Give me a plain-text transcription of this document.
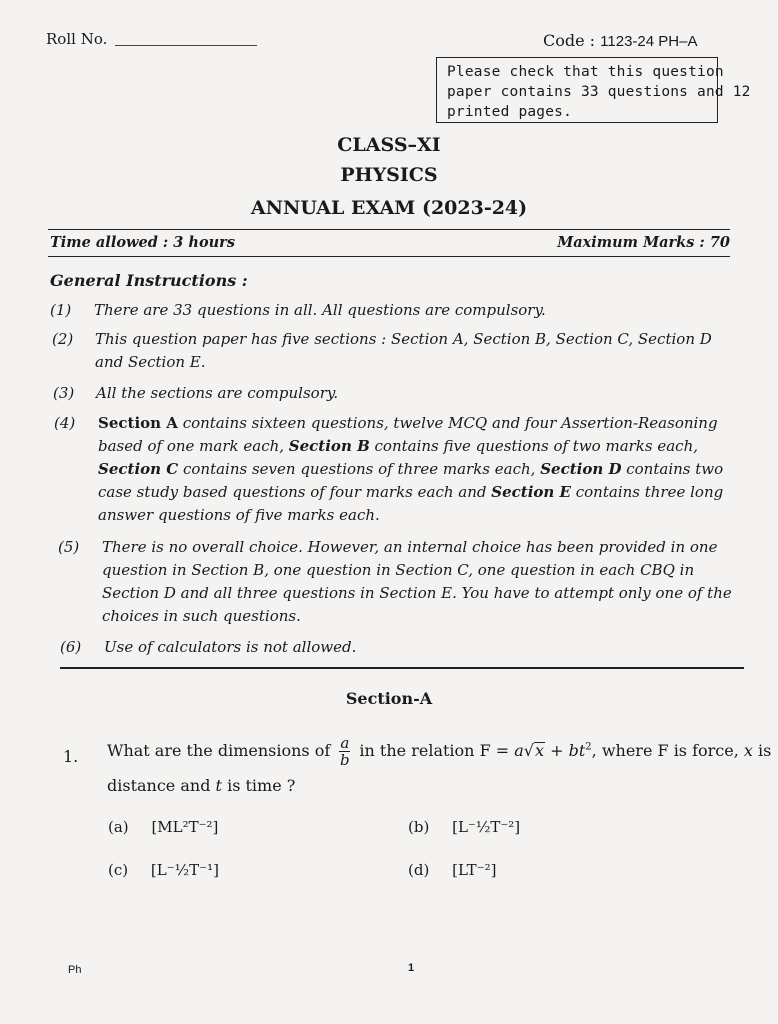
Roll No.	Code : 1123-24 PH–A
Please check that this question
paper contains 33 questions and 12
printed pages.
CLASS–XI
PHYSICS
ANNUAL EXAM (2023-24)
Time allowed : 3 hours	Maximum Marks : 70
General Instructions :
(1) There are 33 questions in all. All questions are compulsory.
(2) This question paper has five sections : Section A, Section B, Section C, Section D and Section E.
(3) All the sections are compulsory.
(4) Section A contains sixteen questions, twelve MCQ and four Assertion-Reasoning based of one mark each, Section B contains five questions of two marks each, Section C contains seven questions of three marks each, Section D contains two case study based questions of four marks each and Section E contains three long answer questions of five marks each.
(5) There is no overall choice. However, an internal choice has been provided in one question in Section B, one question in Section C, one question in each CBQ in Section D and all three questions in Section E. You have to attempt only one of the choices in such questions.
(6) Use of calculators is not allowed.
Section-A
1. What are the dimensions of $\frac{a}{b}$ in the relation $F = a√x + bt^2$, where F is force, x is
distance and t is time ?
(a) [ML²T⁻²]	(b) [L⁻½T⁻²]
(c) [L⁻½T⁻¹]	(d) [LT⁻²]
Ph	1
